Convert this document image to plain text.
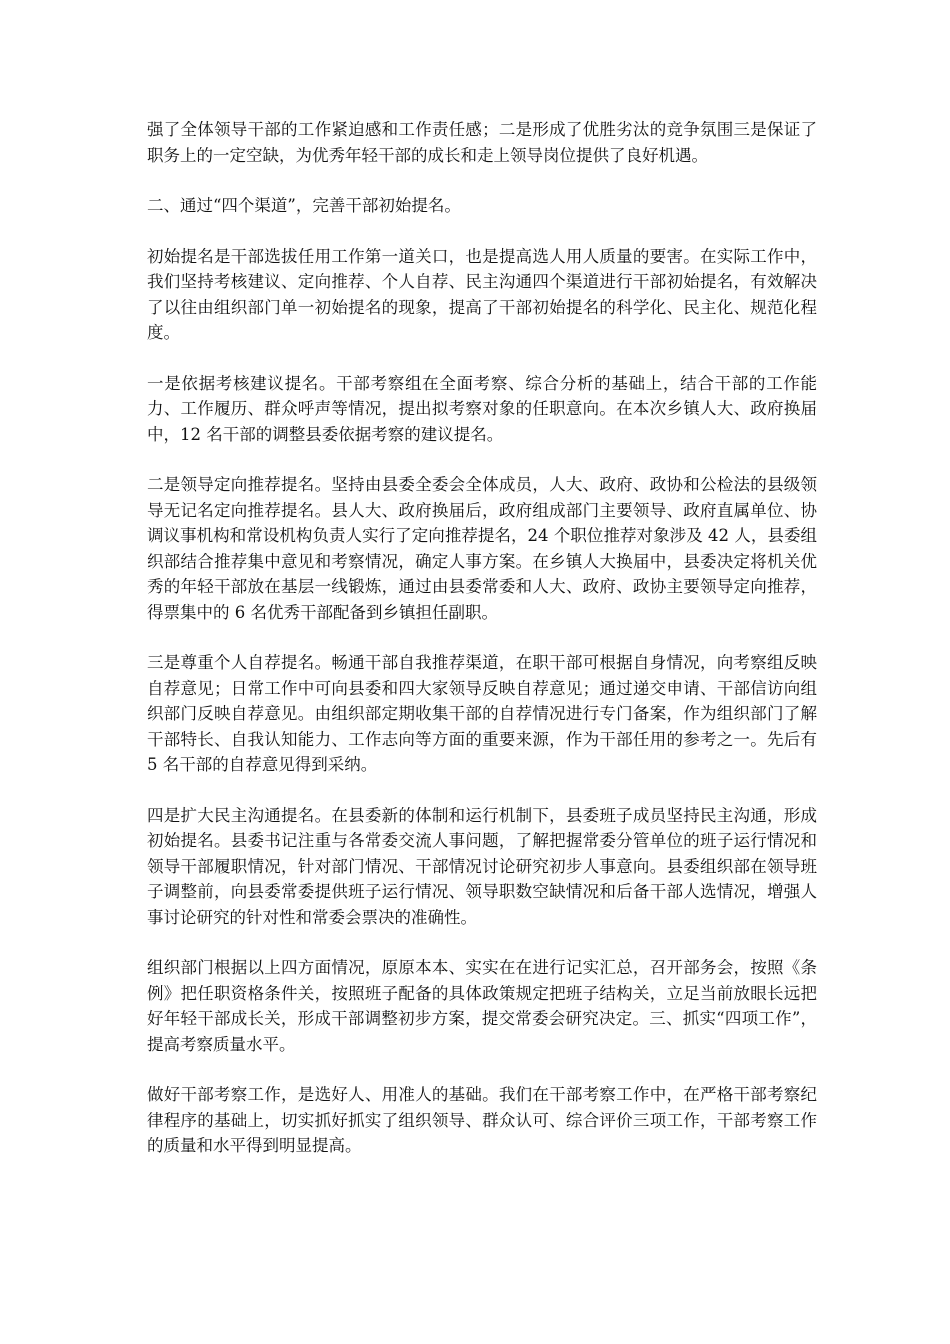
强了全体领导干部的工作紧迫感和工作责任感；二是形成了优胜劣汰的竞争氛围三是保证了职务上的一定空缺，为优秀年轻干部的成长和走上领导岗位提供了良好机遇。

二、通过“四个渠道”，完善干部初始提名。

初始提名是干部选拔任用工作第一道关口，也是提高选人用人质量的要害。在实际工作中，我们坚持考核建议、定向推荐、个人自荐、民主沟通四个渠道进行干部初始提名，有效解决了以往由组织部门单一初始提名的现象，提高了干部初始提名的科学化、民主化、规范化程度。

一是依据考核建议提名。干部考察组在全面考察、综合分析的基础上，结合干部的工作能力、工作履历、群众呼声等情况，提出拟考察对象的任职意向。在本次乡镇人大、政府换届中，12 名干部的调整县委依据考察的建议提名。

二是领导定向推荐提名。坚持由县委全委会全体成员，人大、政府、政协和公检法的县级领导无记名定向推荐提名。县人大、政府换届后，政府组成部门主要领导、政府直属单位、协调议事机构和常设机构负责人实行了定向推荐提名，24 个职位推荐对象涉及 42 人，县委组织部结合推荐集中意见和考察情况，确定人事方案。在乡镇人大换届中，县委决定将机关优秀的年轻干部放在基层一线锻炼，通过由县委常委和人大、政府、政协主要领导定向推荐，得票集中的 6 名优秀干部配备到乡镇担任副职。

三是尊重个人自荐提名。畅通干部自我推荐渠道，在职干部可根据自身情况，向考察组反映自荐意见；日常工作中可向县委和四大家领导反映自荐意见；通过递交申请、干部信访向组织部门反映自荐意见。由组织部定期收集干部的自荐情况进行专门备案，作为组织部门了解干部特长、自我认知能力、工作志向等方面的重要来源，作为干部任用的参考之一。先后有 5 名干部的自荐意见得到采纳。

四是扩大民主沟通提名。在县委新的体制和运行机制下，县委班子成员坚持民主沟通，形成初始提名。县委书记注重与各常委交流人事问题，了解把握常委分管单位的班子运行情况和领导干部履职情况，针对部门情况、干部情况讨论研究初步人事意向。县委组织部在领导班子调整前，向县委常委提供班子运行情况、领导职数空缺情况和后备干部人选情况，增强人事讨论研究的针对性和常委会票决的准确性。

组织部门根据以上四方面情况，原原本本、实实在在进行记实汇总，召开部务会，按照《条例》把任职资格条件关，按照班子配备的具体政策规定把班子结构关，立足当前放眼长远把好年轻干部成长关，形成干部调整初步方案，提交常委会研究决定。三、抓实“四项工作”，提高考察质量水平。

做好干部考察工作，是选好人、用准人的基础。我们在干部考察工作中，在严格干部考察纪律程序的基础上，切实抓好抓实了组织领导、群众认可、综合评价三项工作，干部考察工作的质量和水平得到明显提高。
